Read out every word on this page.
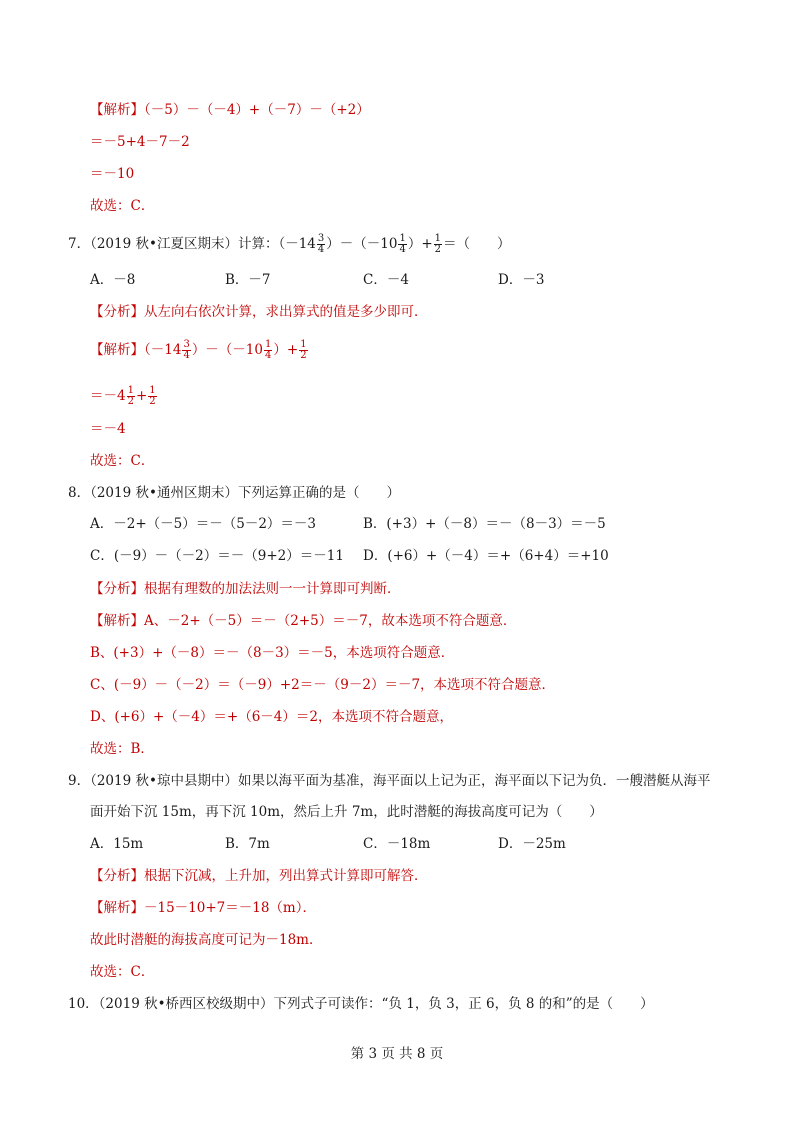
【解析】（－5）－（－4）+（－7）－（+2）
＝－5+4－7－2
＝－10
故选：C．
7．（2019 秋•江夏区期末）计算：$(-14 \frac{3}{4} )-(-10 \frac{1}{4}$ ）+ $\frac{1}{2}$ ＝（　　）
A．－8	B．－7	C．－4	D．－3
【分析】从左向右依次计算，求出算式的值是多少即可．
【解析】$(-14 \frac{3}{4} )-(-10 \frac{1}{4}$ ）+ $\frac{1}{2}$
$=-4 \frac{1}{2} + \frac{1}{2}$
＝－4
故选：C．
8．（2019 秋•通州区期末）下列运算正确的是（　　）
A．－2+（－5）＝－（5－2）＝－3	B．(+3）+（－8）＝－（8－3）＝－5
C．(－9）－（－2）＝－（9+2）＝－11 D．(+6）+（－4）＝+（6+4）＝+10
【分析】根据有理数的加法法则一一计算即可判断．
【解析】A、－2+（－5）＝－（2+5）＝－7，故本选项不符合题意．
B、(+3）+（－8）＝－（8－3）＝－5，本选项符合题意．
C、(－9）－（－2）＝（－9）+2＝－（9－2）＝－7，本选项不符合题意．
D、(+6）+（－4）＝+（6－4）＝2，本选项不符合题意，
故选：B．
9．（2019 秋•琼中县期中）如果以海平面为基准，海平面以上记为正，海平面以下记为负．一艘潜艇从海平
面开始下沉 15m，再下沉 10m，然后上升 7m，此时潜艇的海拔高度可记为（　　）
A．15m	B．7m	C．－18m	D．－25m
【分析】根据下沉减，上升加，列出算式计算即可解答．
【解析】－15－10+7＝－18（m）．
故此时潜艇的海拔高度可记为－18m．
故选：C．
10．（2019 秋•桥西区校级期中）下列式子可读作：“负 1，负 3，正 6，负 8 的和”的是（　　）
第 3 页 共 8 页
